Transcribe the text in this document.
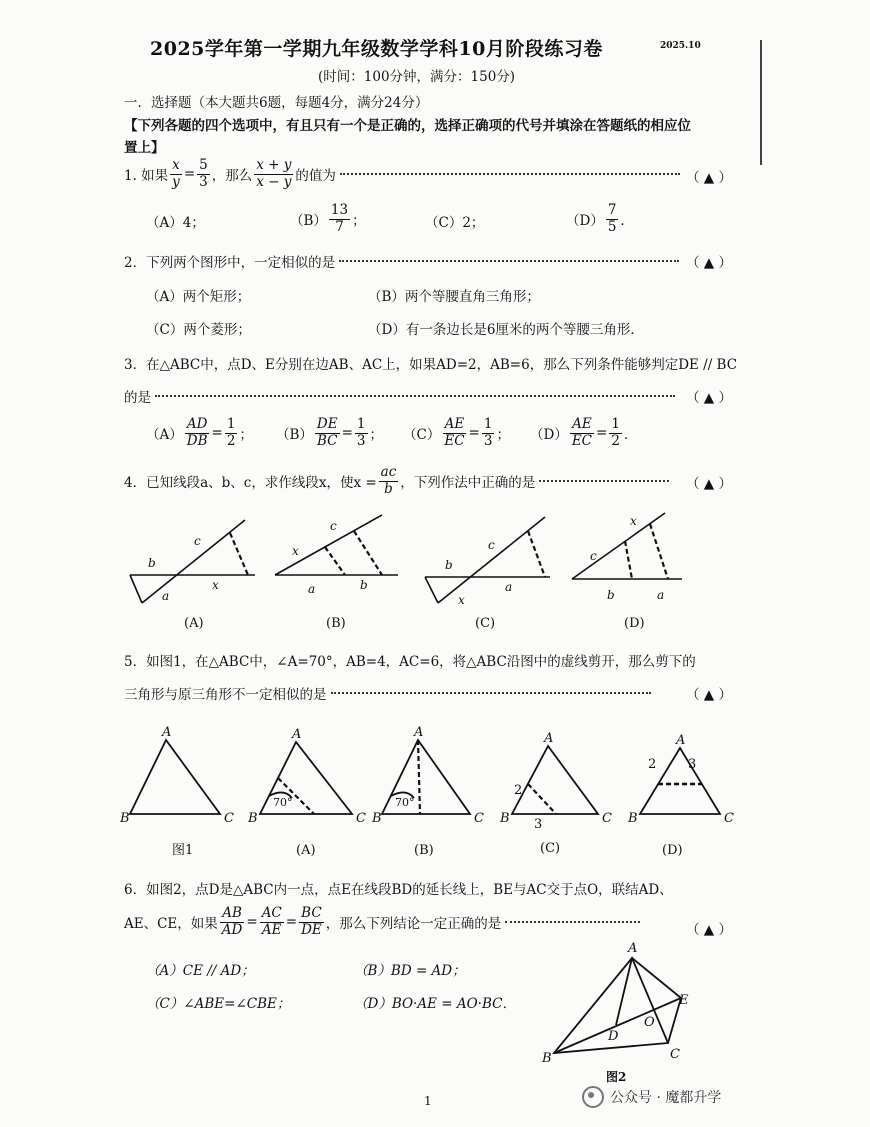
2025学年第一学期九年级数学学科10月阶段练习卷	2025.10
(时间：100分钟，满分：150分)
一．选择题（本大题共6题，每题4分，满分24分）
【下列各题的四个选项中，有且只有一个是正确的，选择正确项的代号并填涂在答题纸的相应位
置上】
1. 如果 $\frac{x}{y} = \frac{5}{3}$ ，那么 $\frac{x + y}{x - y}$ 的值为	（ ▲ ）
（A）4；	$(B) \frac{13}{7}$ ；	（C）2；	$(D) \frac{7}{5}$ ．
2．下列两个图形中，一定相似的是	（ ▲ ）
（A）两个矩形；	（B）两个等腰直角三角形；
（C）两个菱形；	（D）有一条边长是6厘米的两个等腰三角形．
3．在△ABC中，点D、E分别在边AB、AC上，如果AD=2，AB=6，那么下列条件能够判定DE // BC
的是	（ ▲ ）
$(A) \frac{AD}{DB} = \frac{1}{2}$ ； $(B) \frac{DE}{BC} = \frac{1}{3}$ ； $(C) \frac{AE}{EC} = \frac{1}{3}$ ； $(D) \frac{AE}{EC} = \frac{1}{2}$ ．
4．已知线段a、b、c，求作线段x，使$x = \frac{ac}{b}$ ，下列作法中正确的是	（ ▲ ）
b
c
a
x
x
c
a	b
b
c
a
x
c
x
b	a
(A)	(B)	(C)	(D)
5．如图1，在△ABC中，∠A=70°，AB=4，AC=6，将△ABC沿图中的虚线剪开，那么剪下的
三角形与原三角形不一定相似的是	（ ▲ ）
A
B	C
A
B	C
A
B	C
A
B	C
A
B	C
70°	70°
2
3
2 3
图1	(A)	(B)	(C)	(D)
6．如图2，点D是△ABC内一点，点E在线段BD的延长线上，BE与AC交于点O，联结AD、
AE、CE，如果 $\frac{AB}{AD} = \frac{AC}{AE} = \frac{BC}{DE}$ ，那么下列结论一定正确的是	（ ▲ ）
（A）CE // AD；	（B）BD = AD；
（C）∠ABE=∠CBE；	（D）BO·AE = AO·BC．
A
B	C
D
E
O
图2
1	公众号 · 魔都升学
